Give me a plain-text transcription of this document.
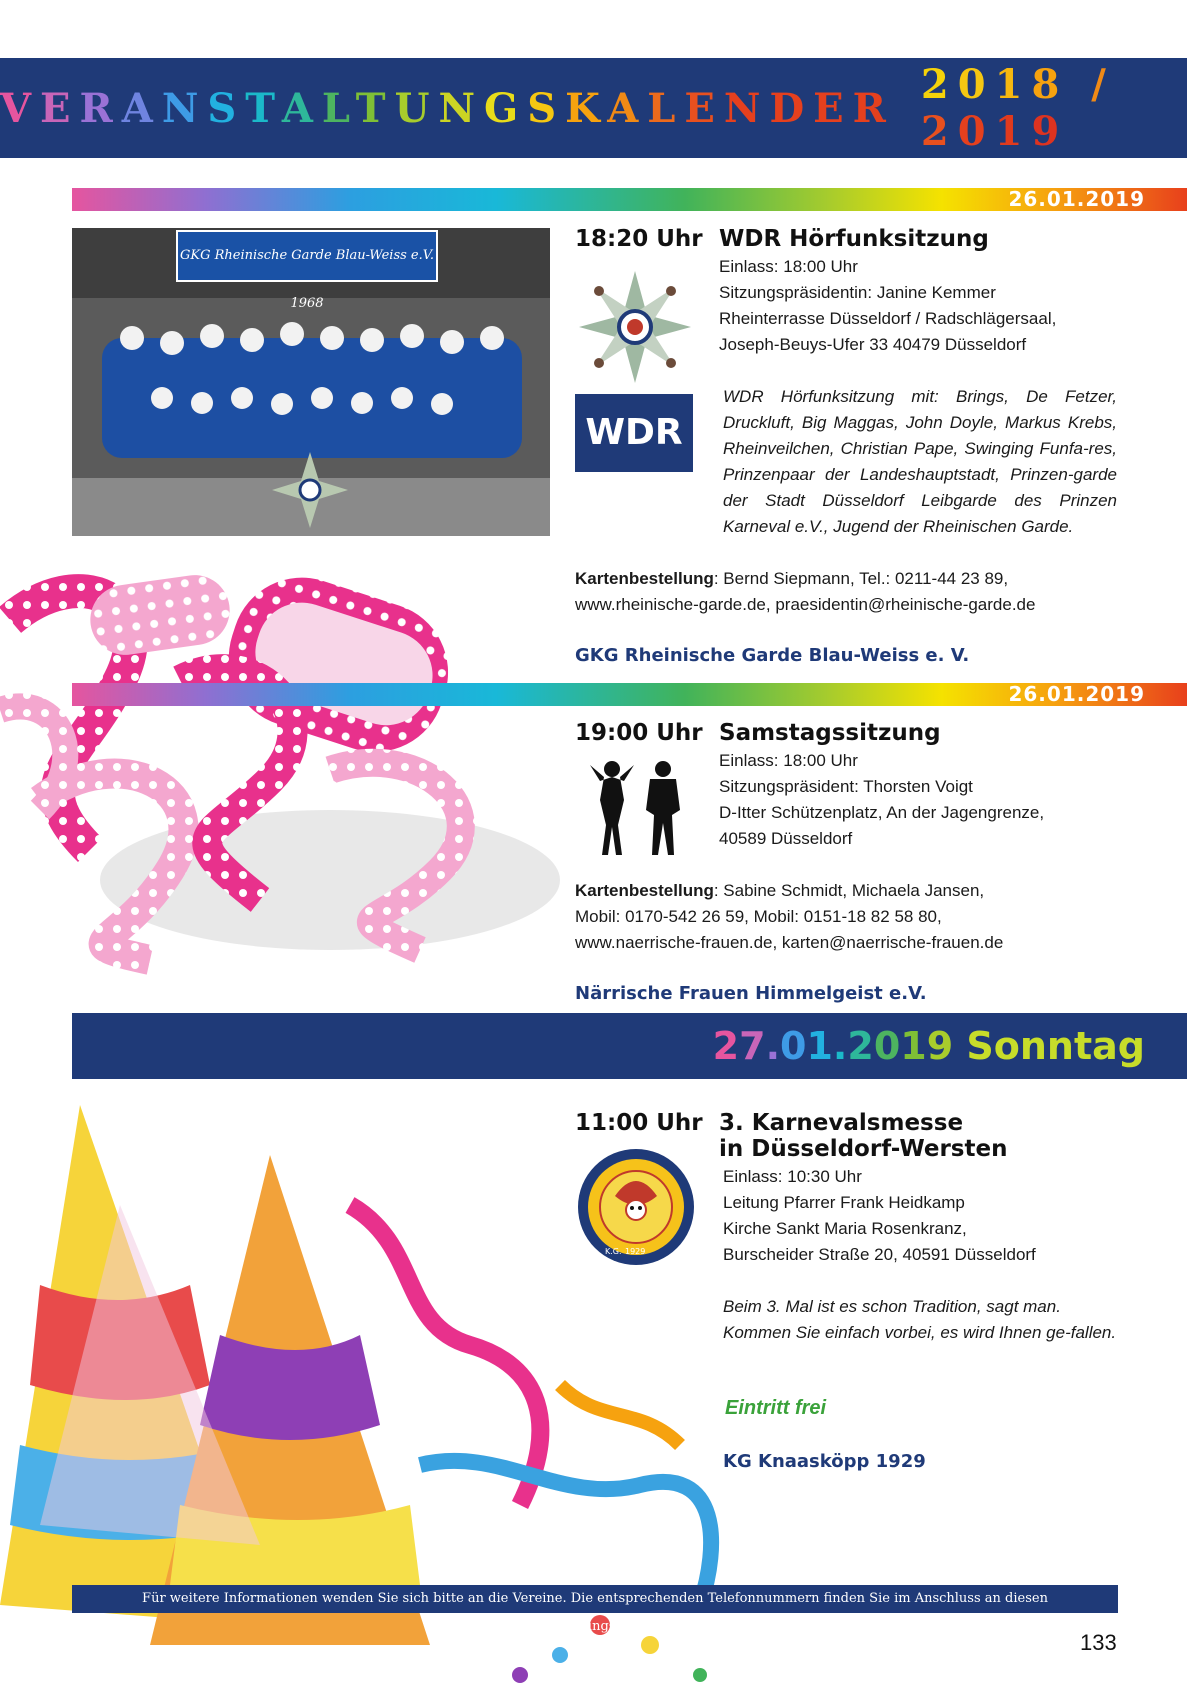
VERANSTALTUNGSKALENDER 2018 / 2019
26.01.2019
GKG Rheinische Garde Blau-Weiss e.V. 1968
18:20 Uhr WDR Hörfunksitzung
WDR
Einlass: 18:00 Uhr
Sitzungspräsidentin: Janine Kemmer
Rheinterrasse Düsseldorf / Radschlägersaal,
Joseph-Beuys-Ufer 33 40479 Düsseldorf
WDR Hörfunksitzung mit: Brings, De Fetzer, Druckluft, Big Maggas, John Doyle, Markus Krebs, Rheinveilchen, Christian Pape, Swinging Funfa-res, Prinzenpaar der Landeshauptstadt, Prinzen-garde der Stadt Düsseldorf Leibgarde des Prinzen Karneval e.V., Jugend der Rheinischen Garde.
Kartenbestellung: Bernd Siepmann, Tel.: 0211-44 23 89,
www.rheinische-garde.de, praesidentin@rheinische-garde.de
GKG Rheinische Garde Blau-Weiss e. V.
26.01.2019
19:00 Uhr Samstagssitzung
Einlass: 18:00 Uhr
Sitzungspräsident: Thorsten Voigt
D-Itter Schützenplatz, An der Jagengrenze,
40589 Düsseldorf
Kartenbestellung: Sabine Schmidt, Michaela Jansen,
Mobil: 0170-542 26 59, Mobil: 0151-18 82 58 80,
www.naerrische-frauen.de, karten@naerrische-frauen.de
Närrische Frauen Himmelgeist e.V.
27.01.2019 Sonntag
11:00 Uhr 3. Karnevalsmesse
in Düsseldorf-Wersten
K.G. 1929
Einlass: 10:30 Uhr
Leitung Pfarrer Frank Heidkamp
Kirche Sankt Maria Rosenkranz,
Burscheider Straße 20, 40591 Düsseldorf
Beim 3. Mal ist es schon Tradition, sagt man. Kommen Sie einfach vorbei, es wird Ihnen ge-fallen.
Eintritt frei
KG Knaasköpp 1929
Für weitere Informationen wenden Sie sich bitte an die Vereine. Die entsprechenden Telefonnummern finden Sie im Anschluss an diesen Veranstaltungskalender
133
